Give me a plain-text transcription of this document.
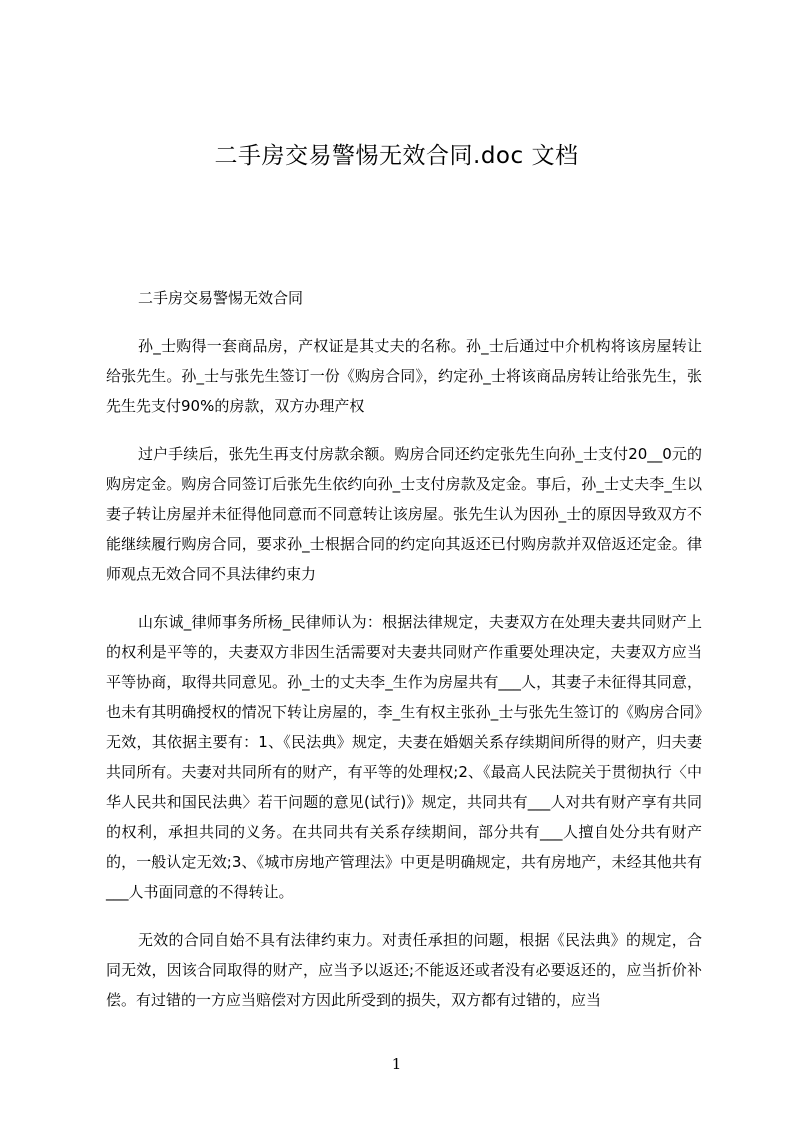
二手房交易警惕无效合同.doc 文档

二手房交易警惕无效合同

孙_士购得一套商品房，产权证是其丈夫的名称。孙_士后通过中介机构将该房屋转让给张先生。孙_士与张先生签订一份《购房合同》，约定孙_士将该商品房转让给张先生，张先生先支付90%的房款，双方办理产权

过户手续后，张先生再支付房款余额。购房合同还约定张先生向孙_士支付20__0元的购房定金。购房合同签订后张先生依约向孙_士支付房款及定金。事后，孙_士丈夫李_生以妻子转让房屋并未征得他同意而不同意转让该房屋。张先生认为因孙_士的原因导致双方不能继续履行购房合同，要求孙_士根据合同的约定向其返还已付购房款并双倍返还定金。律师观点无效合同不具法律约束力

山东诚_律师事务所杨_民律师认为：根据法律规定，夫妻双方在处理夫妻共同财产上的权利是平等的，夫妻双方非因生活需要对夫妻共同财产作重要处理决定，夫妻双方应当平等协商，取得共同意见。孙_士的丈夫李_生作为房屋共有___人，其妻子未征得其同意，也未有其明确授权的情况下转让房屋的，李_生有权主张孙_士与张先生签订的《购房合同》无效，其依据主要有：1、《民法典》规定，夫妻在婚姻关系存续期间所得的财产，归夫妻共同所有。夫妻对共同所有的财产，有平等的处理权;2、《最高人民法院关于贯彻执行〈中华人民共和国民法典〉若干问题的意见(试行)》规定，共同共有___人对共有财产享有共同的权利，承担共同的义务。在共同共有关系存续期间，部分共有___人擅自处分共有财产的，一般认定无效;3、《城市房地产管理法》中更是明确规定，共有房地产，未经其他共有___人书面同意的不得转让。

无效的合同自始不具有法律约束力。对责任承担的问题，根据《民法典》的规定，合同无效，因该合同取得的财产，应当予以返还;不能返还或者没有必要返还的，应当折价补偿。有过错的一方应当赔偿对方因此所受到的损失，双方都有过错的，应当

1
